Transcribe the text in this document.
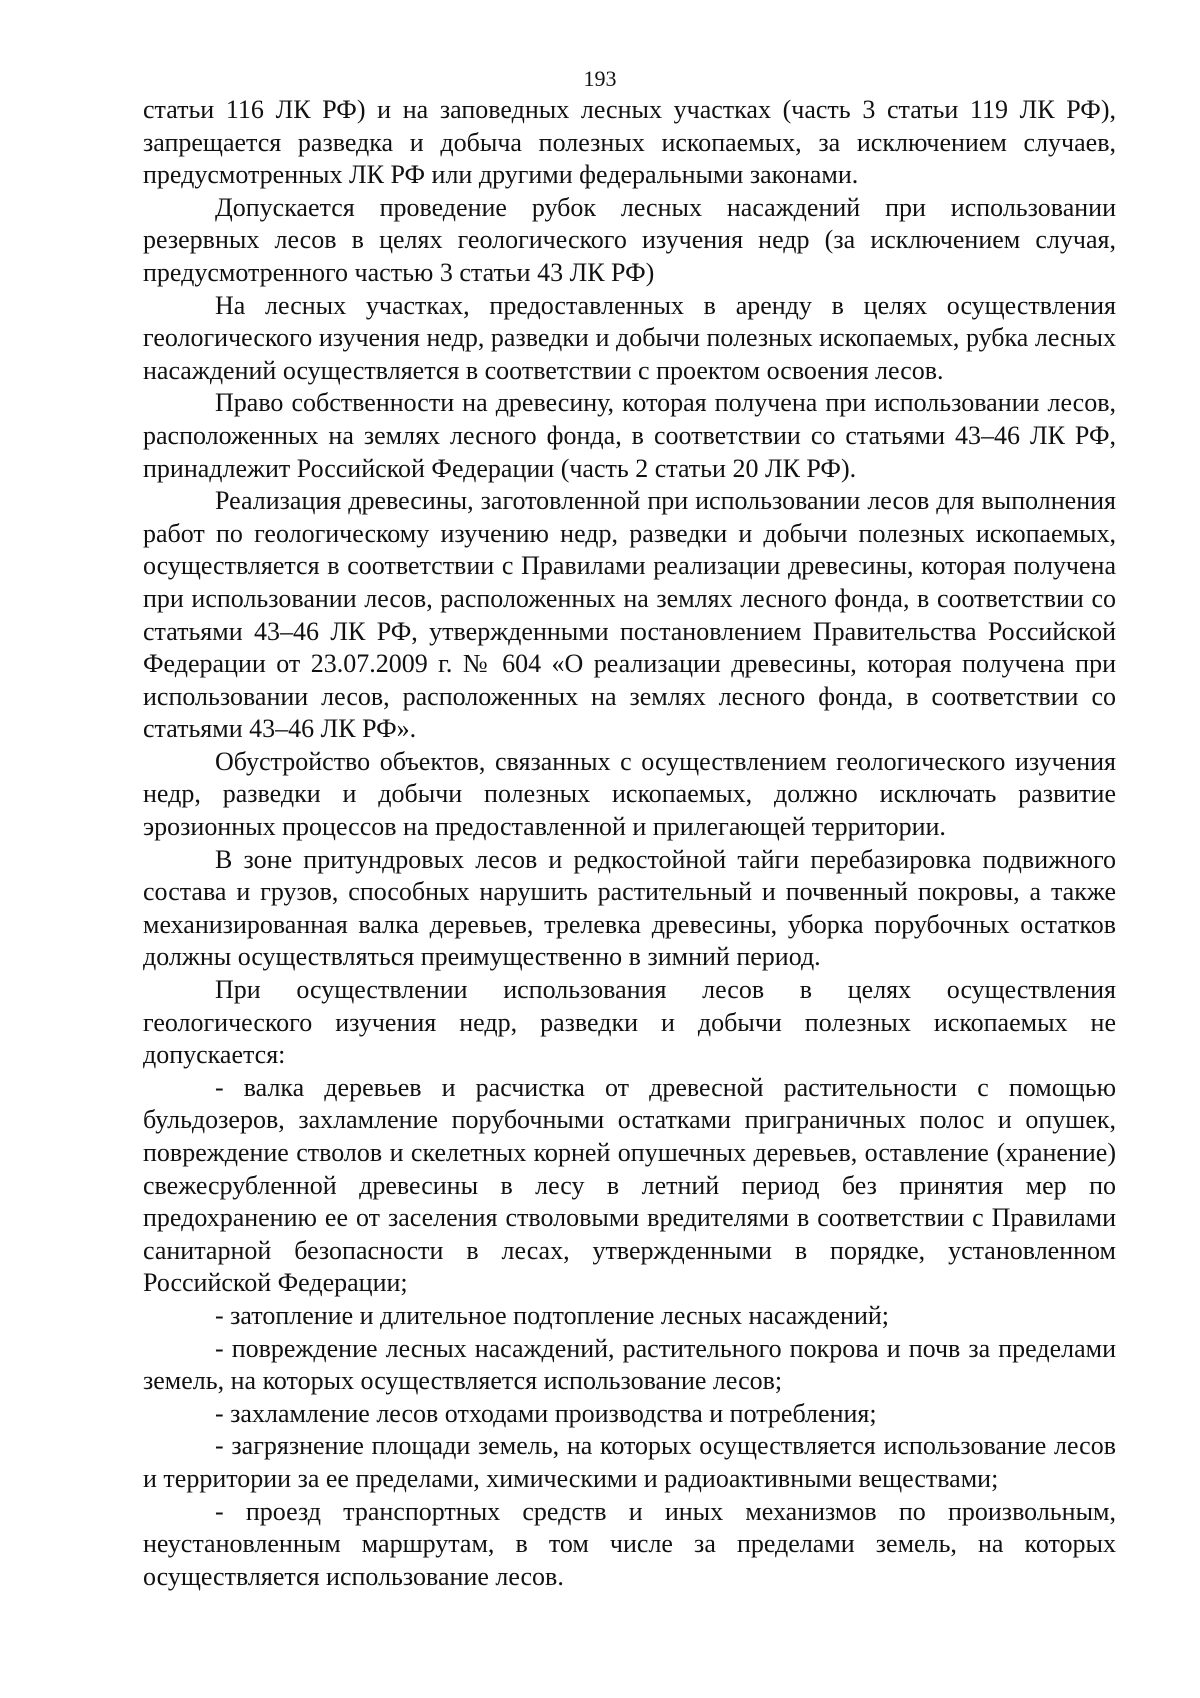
193

статьи 116 ЛК РФ) и на заповедных лесных участках (часть 3 статьи 119 ЛК РФ), запрещается разведка и добыча полезных ископаемых, за исключением случаев, предусмотренных ЛК РФ или другими федеральными законами.

Допускается проведение рубок лесных насаждений при использовании резервных лесов в целях геологического изучения недр (за исключением случая, предусмотренного частью 3 статьи 43 ЛК РФ)

На лесных участках, предоставленных в аренду в целях осуществления геологического изучения недр, разведки и добычи полезных ископаемых, рубка лесных насаждений осуществляется в соответствии с проектом освоения лесов.

Право собственности на древесину, которая получена при использовании лесов, расположенных на землях лесного фонда, в соответствии со статьями 43–46 ЛК РФ, принадлежит Российской Федерации (часть 2 статьи 20 ЛК РФ).

Реализация древесины, заготовленной при использовании лесов для выполнения работ по геологическому изучению недр, разведки и добычи полезных ископаемых, осуществляется в соответствии с Правилами реализации древесины, которая получена при использовании лесов, расположенных на землях лесного фонда, в соответствии со статьями 43–46 ЛК РФ, утвержденными постановлением Правительства Российской Федерации от 23.07.2009 г. № 604 «О реализации древесины, которая получена при использовании лесов, расположенных на землях лесного фонда, в соответствии со статьями 43–46 ЛК РФ».

Обустройство объектов, связанных с осуществлением геологического изучения недр, разведки и добычи полезных ископаемых, должно исключать развитие эрозионных процессов на предоставленной и прилегающей территории.

В зоне притундровых лесов и редкостойной тайги перебазировка подвижного состава и грузов, способных нарушить растительный и почвенный покровы, а также механизированная валка деревьев, трелевка древесины, уборка порубочных остатков должны осуществляться преимущественно в зимний период.

При осуществлении использования лесов в целях осуществления геологического изучения недр, разведки и добычи полезных ископаемых не допускается:

- валка деревьев и расчистка от древесной растительности с помощью бульдозеров, захламление порубочными остатками приграничных полос и опушек, повреждение стволов и скелетных корней опушечных деревьев, оставление (хранение) свежесрубленной древесины в лесу в летний период без принятия мер по предохранению ее от заселения стволовыми вредителями в соответствии с Правилами санитарной безопасности в лесах, утвержденными в порядке, установленном Российской Федерации;

- затопление и длительное подтопление лесных насаждений;

- повреждение лесных насаждений, растительного покрова и почв за пределами земель, на которых осуществляется использование лесов;

- захламление лесов отходами производства и потребления;

- загрязнение площади земель, на которых осуществляется использование лесов и территории за ее пределами, химическими и радиоактивными веществами;

- проезд транспортных средств и иных механизмов по произвольным, неустановленным маршрутам, в том числе за пределами земель, на которых осуществляется использование лесов.
